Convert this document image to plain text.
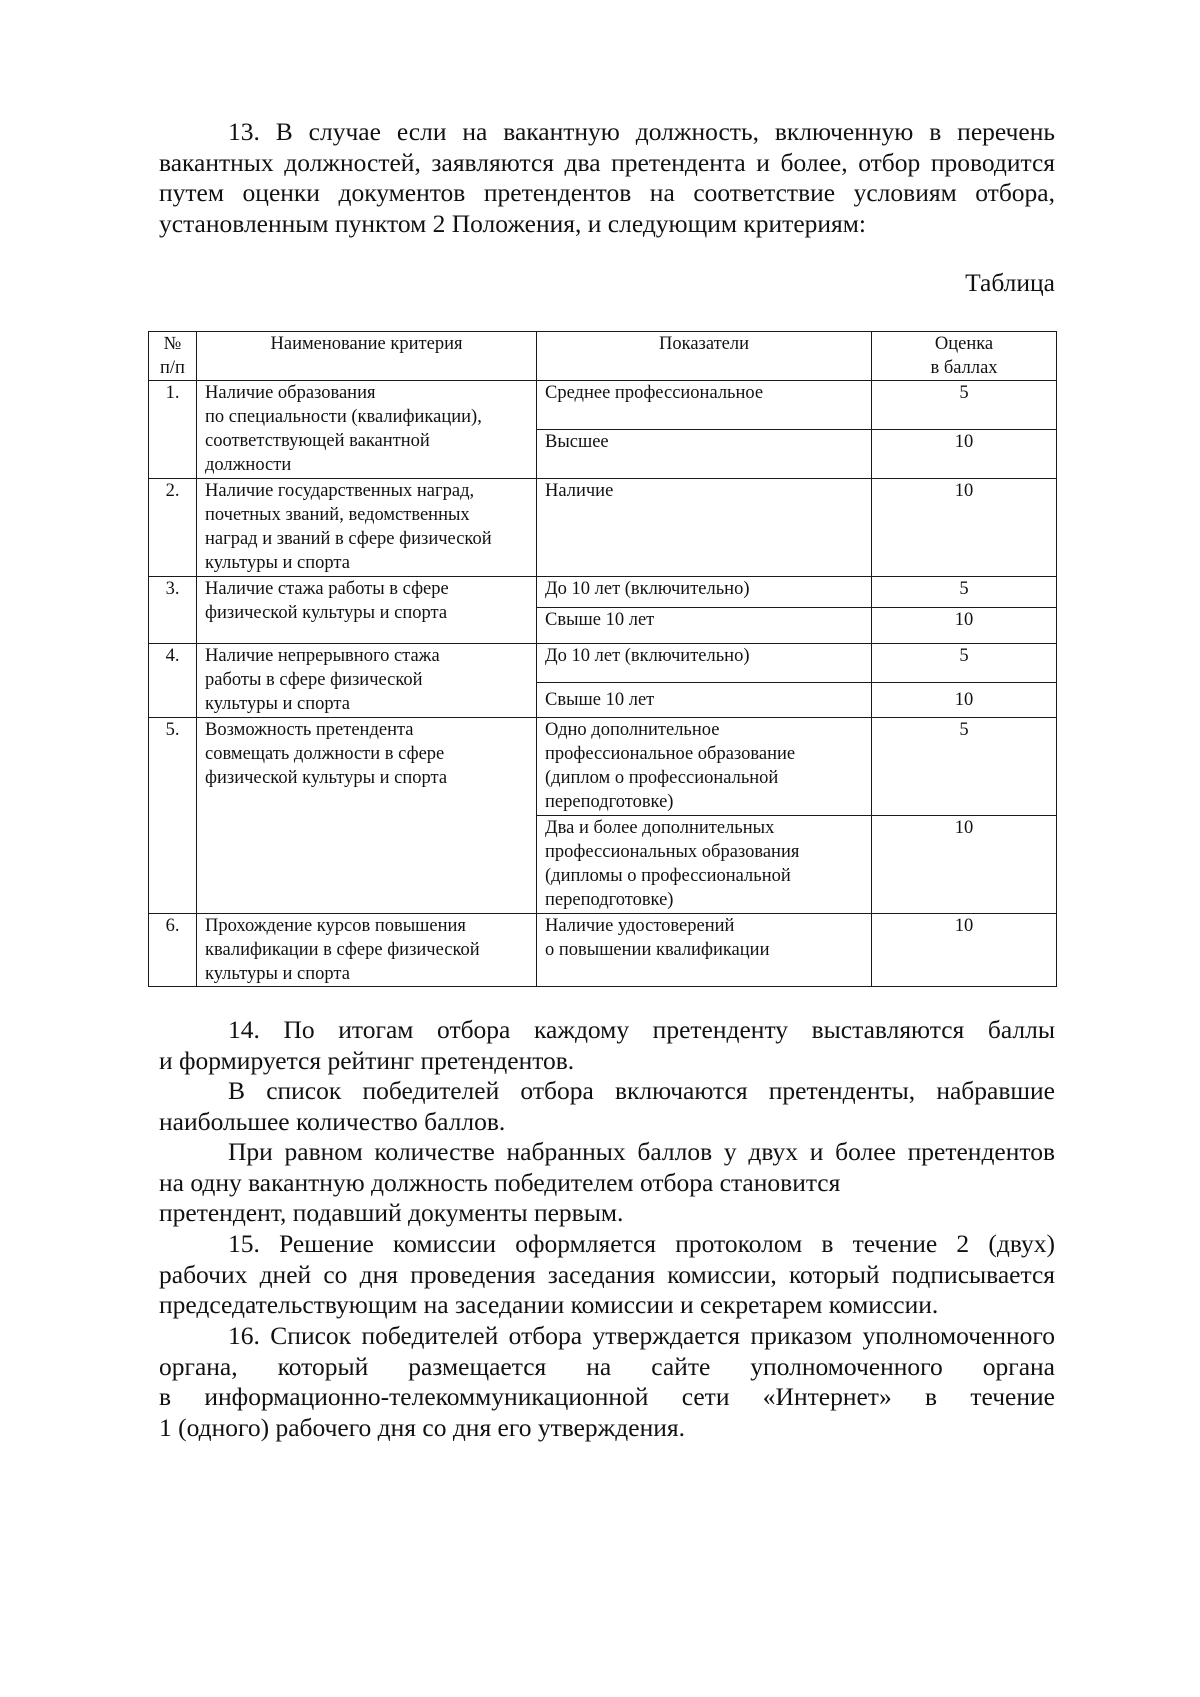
13. В случае если на вакантную должность, включенную в перечень
вакантных должностей, заявляются два претендента и более, отбор проводится
путем оценки документов претендентов на соответствие условиям отбора,
установленным пунктом 2 Положения, и следующим критериям:
Таблица
№
п/п	Наименование критерия	Показатели	Оценка
в баллах

1.	Наличие образования
по специальности (квалификации),
соответствующей вакантной
должности	Среднее профессиональное	5

		Высшее	10
2.	Наличие государственных наград,
почетных званий, ведомственных
наград и званий в сфере физической
культуры и спорта	Наличие	10
3.	Наличие стажа работы в сфере
физической культуры и спорта	До 10 лет (включительно)	5

		Свыше 10 лет	10
4.	Наличие непрерывного стажа
работы в сфере физической
культуры и спорта	До 10 лет (включительно)	5

		Свыше 10 лет	10
5.	Возможность претендента
совмещать должности в сфере
физической культуры и спорта	Одно дополнительное
профессиональное образование
(диплом о профессиональной
переподготовке)	5

		Два и более дополнительных
профессиональных образования
(дипломы о профессиональной
переподготовке)	10
6.	Прохождение курсов повышения
квалификации в сфере физической
культуры и спорта	Наличие удостоверений
о повышении квалификации	10
14. По итогам отбора каждому претенденту выставляются баллы
и формируется рейтинг претендентов.
В список победителей отбора включаются претенденты, набравшие
наибольшее количество баллов.
При равном количестве набранных баллов у двух и более претендентов
на одну вакантную должность победителем отбора становится
претендент, подавший документы первым.
15. Решение комиссии оформляется протоколом в течение 2 (двух)
рабочих дней со дня проведения заседания комиссии, который подписывается
председательствующим на заседании комиссии и секретарем комиссии.
16. Список победителей отбора утверждается приказом уполномоченного
органа, который размещается на сайте уполномоченного органа
в информационно-телекоммуникационной сети «Интернет» в течение
1 (одного) рабочего дня со дня его утверждения.
